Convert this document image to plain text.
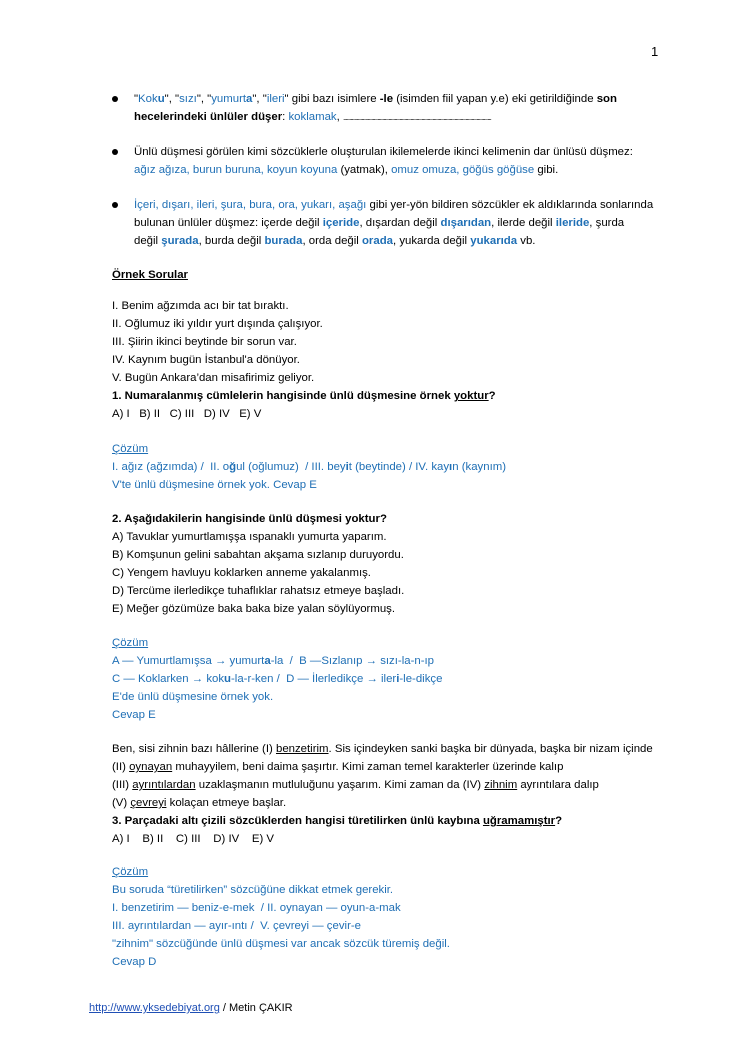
1
"Koku", "sızı", "yumurta", "ileri" gibi bazı isimlere -le (isimden fiil yapan y.e) eki getirildiğinde son
hecelerindeki ünlüler düşer: koklamak, .........................................................................................................................
Ünlü düşmesi görülen kimi sözcüklerle oluşturulan ikilemelerde ikinci kelimenin dar ünlüsü düşmez:
ağız ağıza, burun buruna, koyun koyuna (yatmak), omuz omuza, göğüs göğüse gibi.
İçeri, dışarı, ileri, şura, bura, ora, yukarı, aşağı gibi yer-yön bildiren sözcükler ek aldıklarında sonlarında
bulunan ünlüler düşmez: içerde değil içeride, dışardan değil dışarıdan, ilerde değil ileride, şurda
değil şurada, burda değil burada, orda değil orada, yukarda değil yukarıda vb.
Örnek Sorular
I. Benim ağzımda acı bir tat bıraktı.
II. Oğlumuz iki yıldır yurt dışında çalışıyor.
III. Şiirin ikinci beytinde bir sorun var.
IV. Kaynım bugün İstanbul'a dönüyor.
V. Bugün Ankara’dan misafirimiz geliyor.
1. Numaralanmış cümlelerin hangisinde ünlü düşmesine örnek yoktur?
A) I   B) II   C) III   D) IV   E) V
Çözüm
I. ağız (ağzımda) /  II. oğul (oğlumuz)  / III. beyit (beytinde) / IV. kayın (kaynım)
V'te ünlü düşmesine örnek yok. Cevap E
2. Aşağıdakilerin hangisinde ünlü düşmesi yoktur?
A) Tavuklar yumurtlamışşa ıspanaklı yumurta yaparım.
B) Komşunun gelini sabahtan akşama sızlanıp duruyordu.
C) Yengem havluyu koklarken anneme yakalanmış.
D) Tercüme ilerledikçe tuhaflıklar rahatsız etmeye başladı.
E) Meğer gözümüze baka baka bize yalan söylüyormuş.
Çözüm
A — Yumurtlamışsa → yumurta-la  /  B —Sızlanıp → sızı-la-n-ıp
C — Koklarken → koku-la-r-ken /  D — İlerledikçe → ileri-le-dikçe
E'de ünlü düşmesine örnek yok.
Cevap E
Ben, sisi zihnin bazı hâllerine (I) benzetirim. Sis içindeyken sanki başka bir dünyada, başka bir nizam içinde
(II) oynayan muhayyilem, beni daima şaşırtır. Kimi zaman temel karakterler üzerinde kalıp
(III) ayrıntılardan uzaklaşmanın mutluluğunu yaşarım. Kimi zaman da (IV) zihnim ayrıntılara dalıp
(V) çevreyi kolaçan etmeye başlar.
3. Parçadaki altı çizili sözcüklerden hangisi türetilirken ünlü kaybına uğramamıştır?
A) I    B) II    C) III    D) IV    E) V
Çözüm
Bu soruda “türetilirken” sözcüğüne dikkat etmek gerekir.
I. benzetirim — beniz-e-mek  / II. oynayan — oyun-a-mak
III. ayrıntılardan — ayır-ıntı /  V. çevreyi — çevir-e
"zihnim" sözcüğünde ünlü düşmesi var ancak sözcük türemiş değil.
Cevap D
http://www.yksedebiyat.org / Metin ÇAKIR
